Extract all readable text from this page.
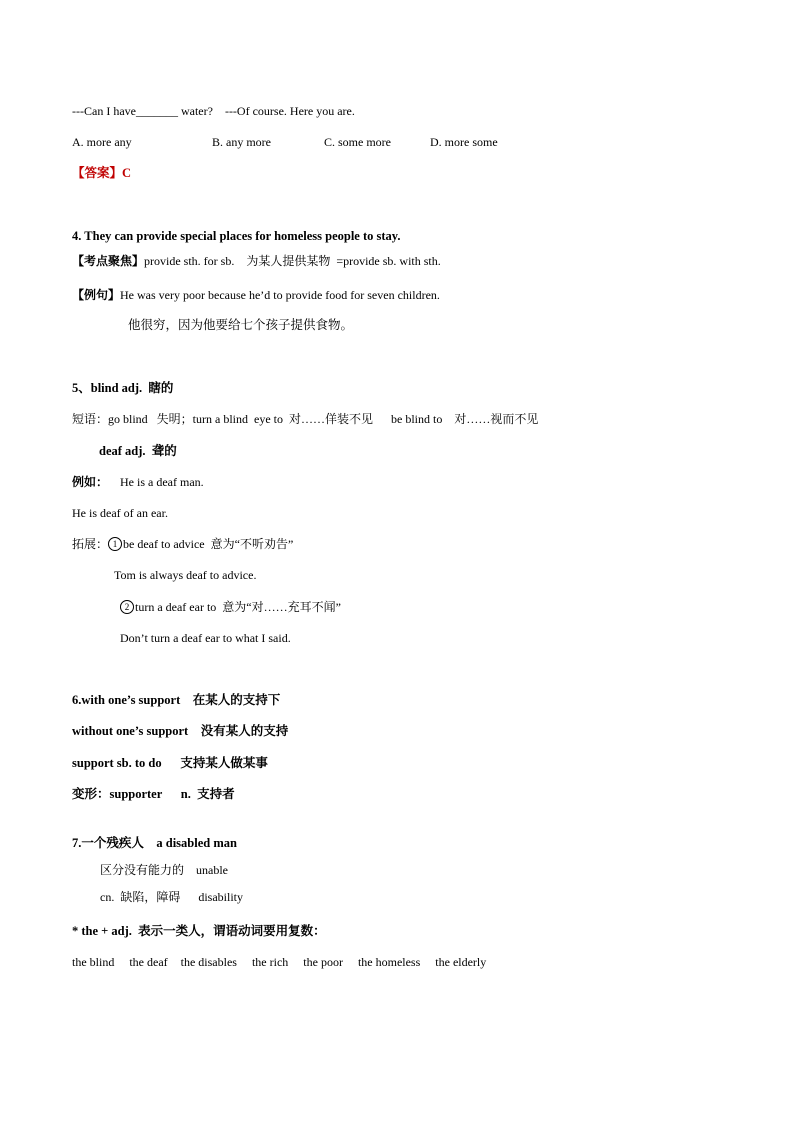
---Can I have_______ water?    ---Of course. Here you are.
A. more any	B. any more	C. some more	D. more some
【答案】C
4. They can provide special places for homeless people to stay.
【考点聚焦】provide sth. for sb.    为某人提供某物  =provide sb. with sth.
【例句】He was very poor because he’d to provide food for seven children.
他很穷，因为他要给七个孩子提供食物。
5、blind adj.  瞎的
短语：go blind   失明；turn a blind  eye to  对……佯装不见      be blind to    对……视而不见
deaf adj.  聋的
例如： He is a deaf man.
He is deaf of an ear.
拓展： 1 be deaf to advice  意为“不听劝告”
Tom is always deaf to advice.
2 turn a deaf ear to  意为“对……充耳不闻”
Don’t turn a deaf ear to what I said.
6.with one’s support    在某人的支持下
without one’s support    没有某人的支持
support sb. to do      支持某人做某事
变形：supporter      n.  支持者
7.一个残疾人    a disabled man
区分没有能力的    unable
cn.  缺陷，障碍      disability
* the + adj.  表示一类人，谓语动词要用复数：
the blind the deaf the disables the rich the poor the homeless the elderly
